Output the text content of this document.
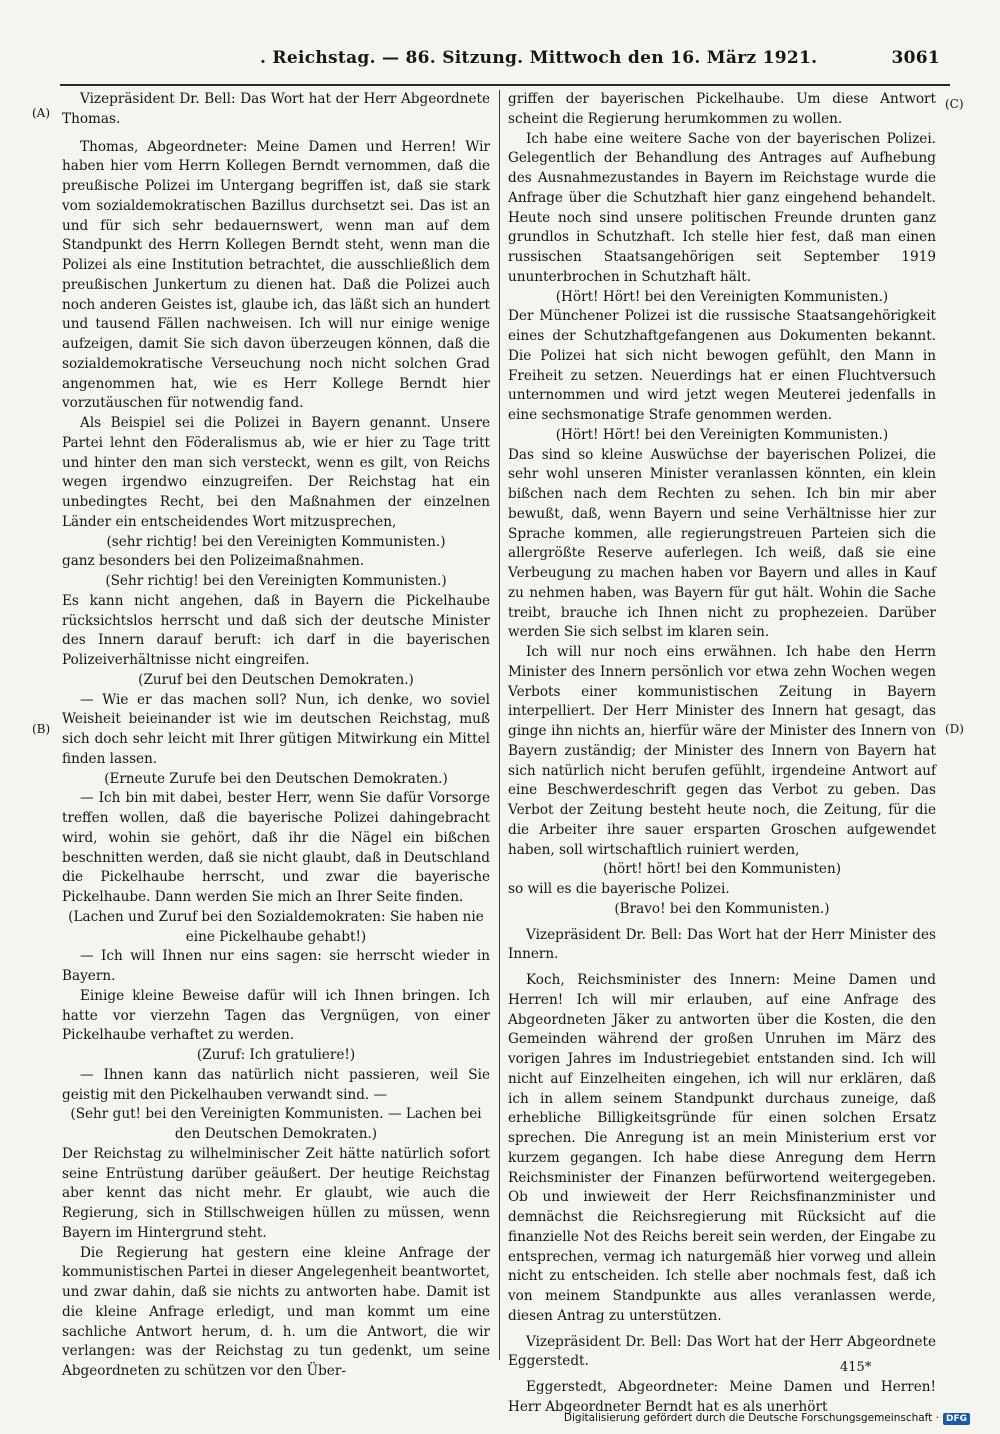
. Reichstag. — 86. Sitzung. Mittwoch den 16. März 1921.	3061
(A)
(B)
(C)
(D)

Vizepräsident Dr. Bell: Das Wort hat der Herr Abgeordnete Thomas.

Thomas, Abgeordneter: Meine Damen und Herren! Wir haben hier vom Herrn Kollegen Berndt vernommen, daß die preußische Polizei im Untergang begriffen ist, daß sie stark vom sozialdemokratischen Bazillus durchsetzt sei. Das ist an und für sich sehr bedauernswert, wenn man auf dem Standpunkt des Herrn Kollegen Berndt steht, wenn man die Polizei als eine Institution betrachtet, die ausschließlich dem preußischen Junkertum zu dienen hat. Daß die Polizei auch noch anderen Geistes ist, glaube ich, das läßt sich an hundert und tausend Fällen nachweisen. Ich will nur einige wenige aufzeigen, damit Sie sich davon überzeugen können, daß die sozialdemokratische Verseuchung noch nicht solchen Grad angenommen hat, wie es Herr Kollege Berndt hier vorzutäuschen für notwendig fand.

Als Beispiel sei die Polizei in Bayern genannt. Unsere Partei lehnt den Föderalismus ab, wie er hier zu Tage tritt und hinter den man sich versteckt, wenn es gilt, von Reichs wegen irgendwo einzugreifen. Der Reichstag hat ein unbedingtes Recht, bei den Maßnahmen der einzelnen Länder ein entscheidendes Wort mitzusprechen,

(sehr richtig! bei den Vereinigten Kommunisten.)

ganz besonders bei den Polizeimaßnahmen.

(Sehr richtig! bei den Vereinigten Kommunisten.)

Es kann nicht angehen, daß in Bayern die Pickelhaube rücksichtslos herrscht und daß sich der deutsche Minister des Innern darauf beruft: ich darf in die bayerischen Polizeiverhältnisse nicht eingreifen.

(Zuruf bei den Deutschen Demokraten.)

— Wie er das machen soll? Nun, ich denke, wo soviel Weisheit beieinander ist wie im deutschen Reichstag, muß sich doch sehr leicht mit Ihrer gütigen Mitwirkung ein Mittel finden lassen.

(Erneute Zurufe bei den Deutschen Demokraten.)

— Ich bin mit dabei, bester Herr, wenn Sie dafür Vorsorge treffen wollen, daß die bayerische Polizei dahingebracht wird, wohin sie gehört, daß ihr die Nägel ein bißchen beschnitten werden, daß sie nicht glaubt, daß in Deutschland die Pickelhaube herrscht, und zwar die bayerische Pickelhaube. Dann werden Sie mich an Ihrer Seite finden.

(Lachen und Zuruf bei den Sozialdemokraten: Sie haben nie eine Pickelhaube gehabt!)

— Ich will Ihnen nur eins sagen: sie herrscht wieder in Bayern.

Einige kleine Beweise dafür will ich Ihnen bringen. Ich hatte vor vierzehn Tagen das Vergnügen, von einer Pickelhaube verhaftet zu werden.

(Zuruf: Ich gratuliere!)

— Ihnen kann das natürlich nicht passieren, weil Sie geistig mit den Pickelhauben verwandt sind. —

(Sehr gut! bei den Vereinigten Kommunisten. — Lachen bei den Deutschen Demokraten.)

Der Reichstag zu wilhelminischer Zeit hätte natürlich sofort seine Entrüstung darüber geäußert. Der heutige Reichstag aber kennt das nicht mehr. Er glaubt, wie auch die Regierung, sich in Stillschweigen hüllen zu müssen, wenn Bayern im Hintergrund steht.

Die Regierung hat gestern eine kleine Anfrage der kommunistischen Partei in dieser Angelegenheit beantwortet, und zwar dahin, daß sie nichts zu antworten habe. Damit ist die kleine Anfrage erledigt, und man kommt um eine sachliche Antwort herum, d. h. um die Antwort, die wir verlangen: was der Reichstag zu tun gedenkt, um seine Abgeordneten zu schützen vor den Über-

griffen der bayerischen Pickelhaube. Um diese Antwort scheint die Regierung herumkommen zu wollen.

Ich habe eine weitere Sache von der bayerischen Polizei. Gelegentlich der Behandlung des Antrages auf Aufhebung des Ausnahmezustandes in Bayern im Reichstage wurde die Anfrage über die Schutzhaft hier ganz eingehend behandelt. Heute noch sind unsere politischen Freunde drunten ganz grundlos in Schutzhaft. Ich stelle hier fest, daß man einen russischen Staatsangehörigen seit September 1919 ununterbrochen in Schutzhaft hält.

(Hört! Hört! bei den Vereinigten Kommunisten.)

Der Münchener Polizei ist die russische Staatsangehörigkeit eines der Schutzhaftgefangenen aus Dokumenten bekannt. Die Polizei hat sich nicht bewogen gefühlt, den Mann in Freiheit zu setzen. Neuerdings hat er einen Fluchtversuch unternommen und wird jetzt wegen Meuterei jedenfalls in eine sechsmonatige Strafe genommen werden.

(Hört! Hört! bei den Vereinigten Kommunisten.)

Das sind so kleine Auswüchse der bayerischen Polizei, die sehr wohl unseren Minister veranlassen könnten, ein klein bißchen nach dem Rechten zu sehen. Ich bin mir aber bewußt, daß, wenn Bayern und seine Verhältnisse hier zur Sprache kommen, alle regierungstreuen Parteien sich die allergrößte Reserve auferlegen. Ich weiß, daß sie eine Verbeugung zu machen haben vor Bayern und alles in Kauf zu nehmen haben, was Bayern für gut hält. Wohin die Sache treibt, brauche ich Ihnen nicht zu prophezeien. Darüber werden Sie sich selbst im klaren sein.

Ich will nur noch eins erwähnen. Ich habe den Herrn Minister des Innern persönlich vor etwa zehn Wochen wegen Verbots einer kommunistischen Zeitung in Bayern interpelliert. Der Herr Minister des Innern hat gesagt, das ginge ihn nichts an, hierfür wäre der Minister des Innern von Bayern zuständig; der Minister des Innern von Bayern hat sich natürlich nicht berufen gefühlt, irgendeine Antwort auf eine Beschwerdeschrift gegen das Verbot zu geben. Das Verbot der Zeitung besteht heute noch, die Zeitung, für die die Arbeiter ihre sauer ersparten Groschen aufgewendet haben, soll wirtschaftlich ruiniert werden,

(hört! hört! bei den Kommunisten)

so will es die bayerische Polizei.

(Bravo! bei den Kommunisten.)

Vizepräsident Dr. Bell: Das Wort hat der Herr Minister des Innern.

Koch, Reichsminister des Innern: Meine Damen und Herren! Ich will mir erlauben, auf eine Anfrage des Abgeordneten Jäker zu antworten über die Kosten, die den Gemeinden während der großen Unruhen im März des vorigen Jahres im Industriegebiet entstanden sind. Ich will nicht auf Einzelheiten eingehen, ich will nur erklären, daß ich in allem seinem Standpunkt durchaus zuneige, daß erhebliche Billigkeitsgründe für einen solchen Ersatz sprechen. Die Anregung ist an mein Ministerium erst vor kurzem gegangen. Ich habe diese Anregung dem Herrn Reichsminister der Finanzen befürwortend weitergegeben. Ob und inwieweit der Herr Reichsfinanzminister und demnächst die Reichsregierung mit Rücksicht auf die finanzielle Not des Reichs bereit sein werden, der Eingabe zu entsprechen, vermag ich naturgemäß hier vorweg und allein nicht zu entscheiden. Ich stelle aber nochmals fest, daß ich von meinem Standpunkte aus alles veranlassen werde, diesen Antrag zu unterstützen.

Vizepräsident Dr. Bell: Das Wort hat der Herr Abgeordnete Eggerstedt.

Eggerstedt, Abgeordneter: Meine Damen und Herren! Herr Abgeordneter Berndt hat es als unerhört

415*
Digitalisierung gefördert durch die Deutsche Forschungsgemeinschaft · DFG
